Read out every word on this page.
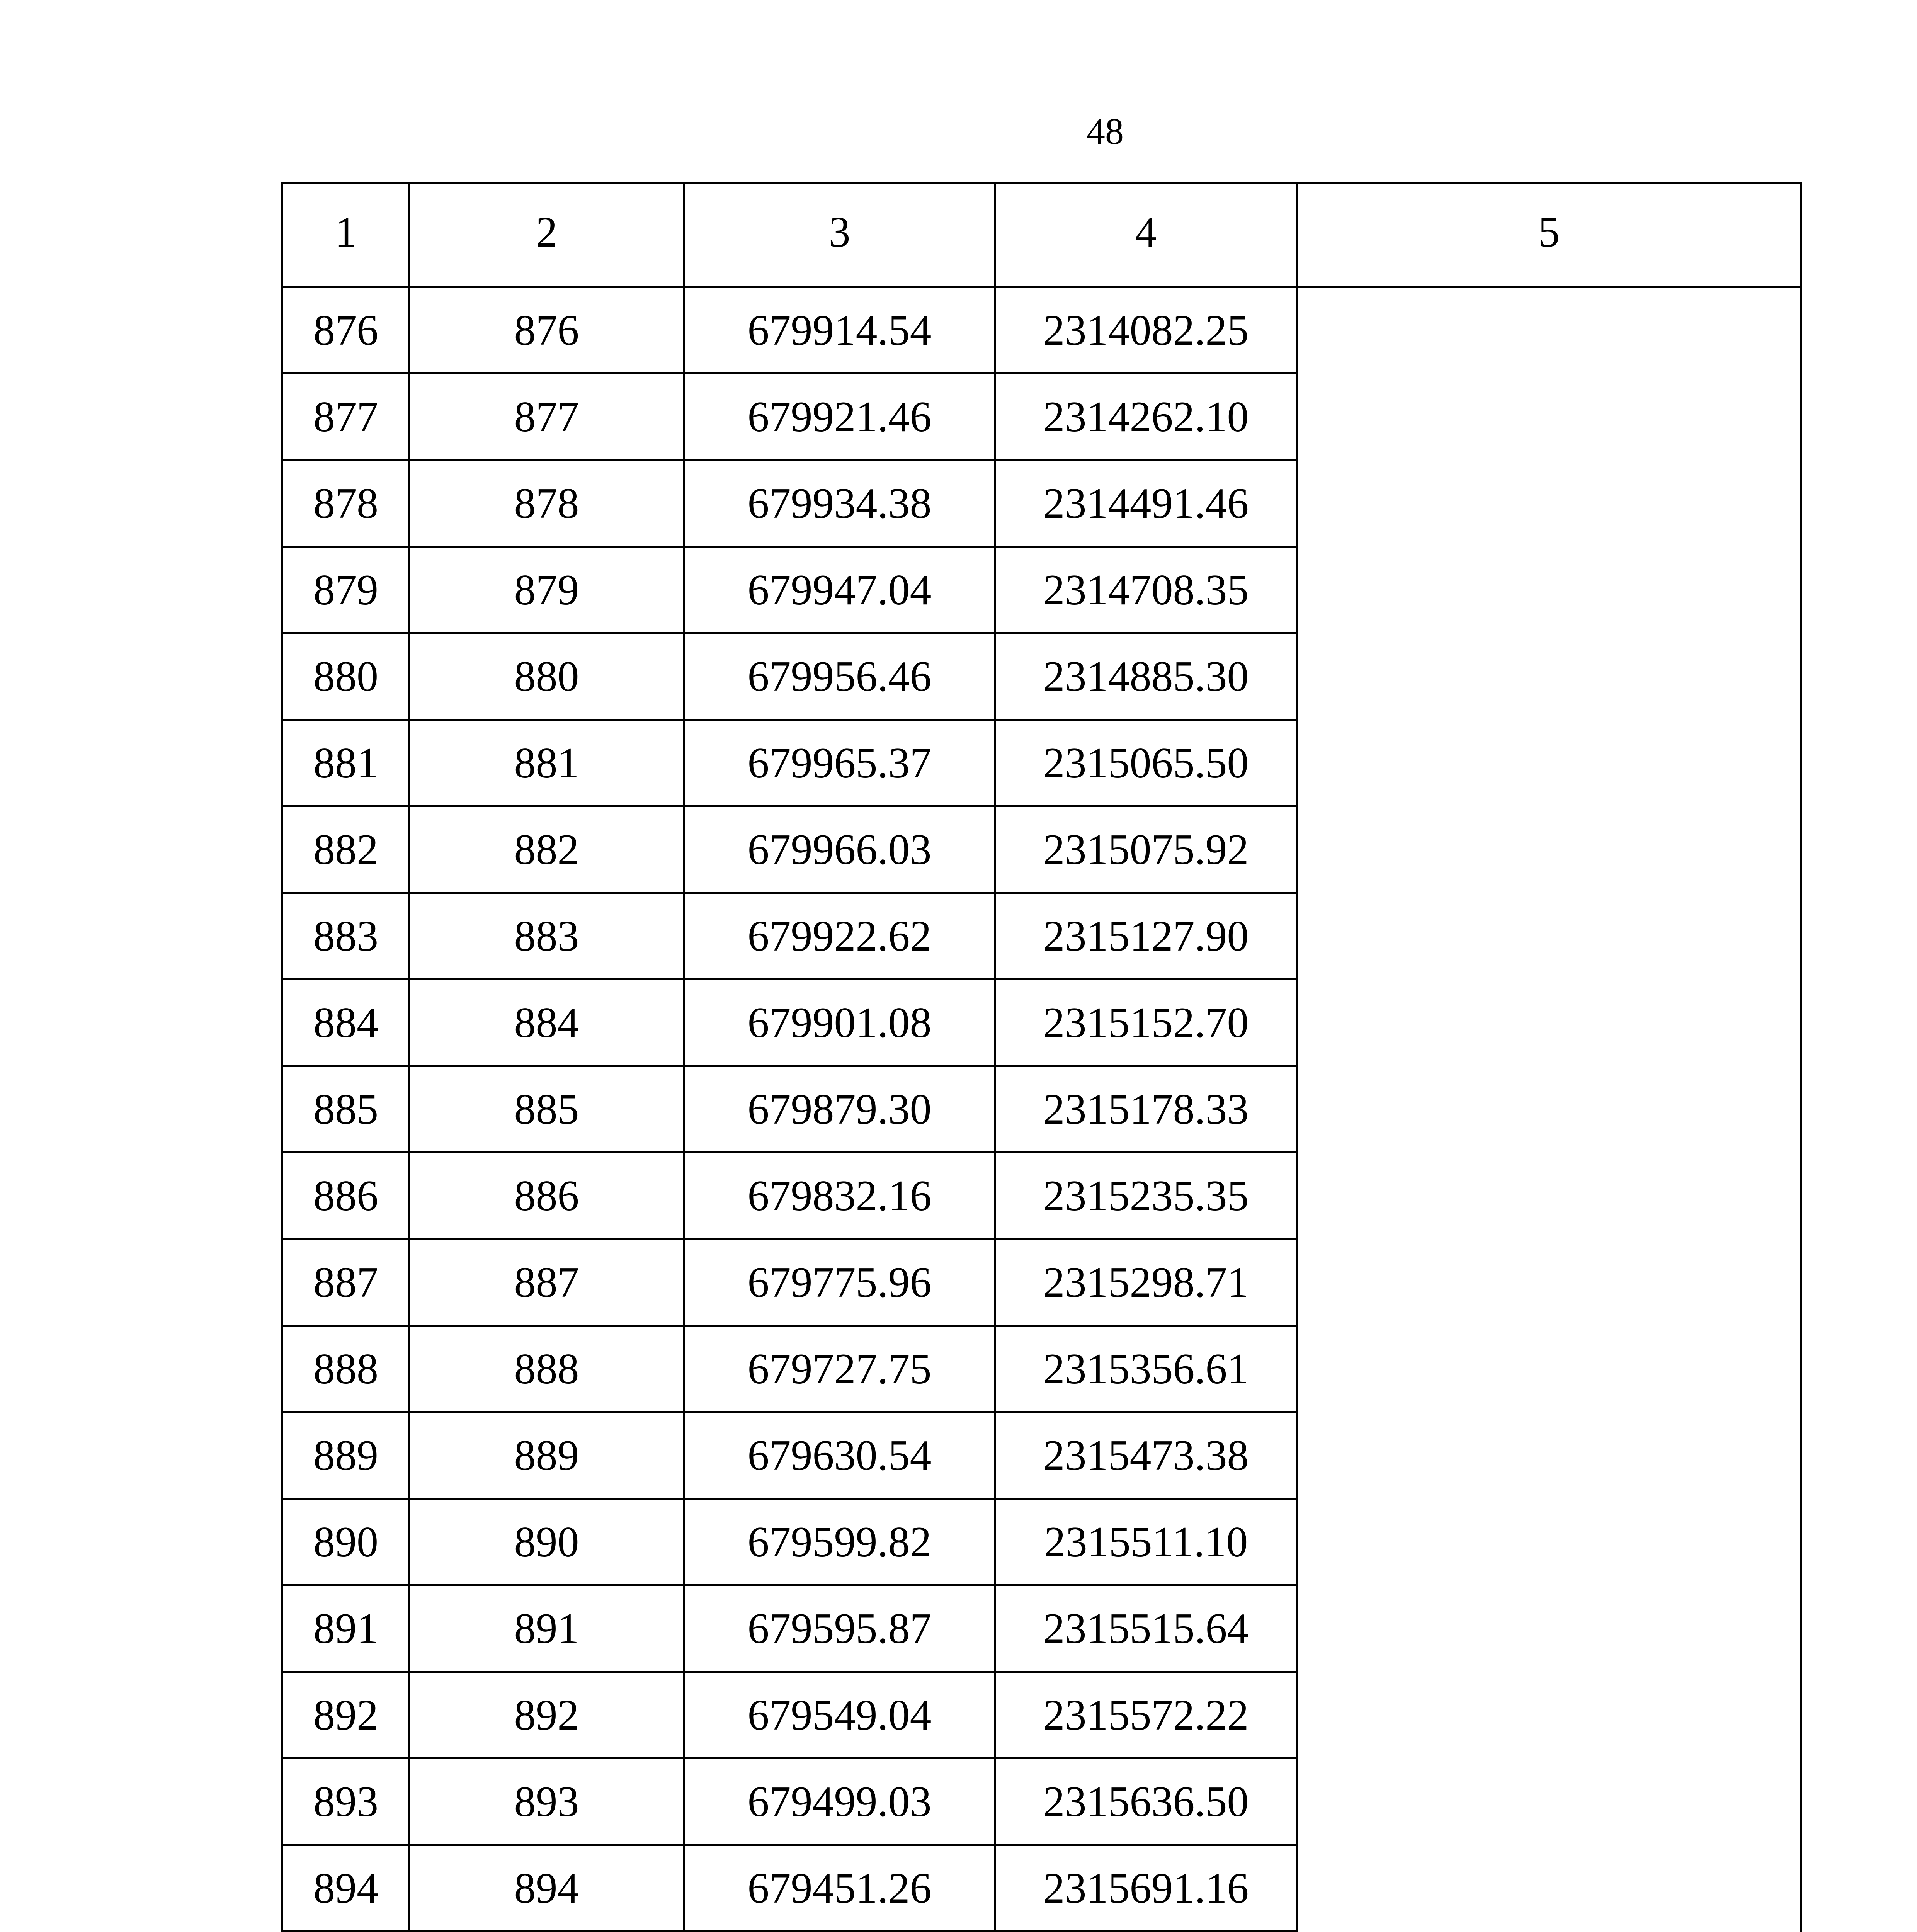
48
1	2	3	4	5
876	876	679914.54	2314082.25	
877	877	679921.46	2314262.10	
878	878	679934.38	2314491.46	
879	879	679947.04	2314708.35	
880	880	679956.46	2314885.30	
881	881	679965.37	2315065.50	
882	882	679966.03	2315075.92	
883	883	679922.62	2315127.90	
884	884	679901.08	2315152.70	
885	885	679879.30	2315178.33	
886	886	679832.16	2315235.35	
887	887	679775.96	2315298.71	
888	888	679727.75	2315356.61	
889	889	679630.54	2315473.38	
890	890	679599.82	2315511.10	
891	891	679595.87	2315515.64	
892	892	679549.04	2315572.22	
893	893	679499.03	2315636.50	
894	894	679451.26	2315691.16	
